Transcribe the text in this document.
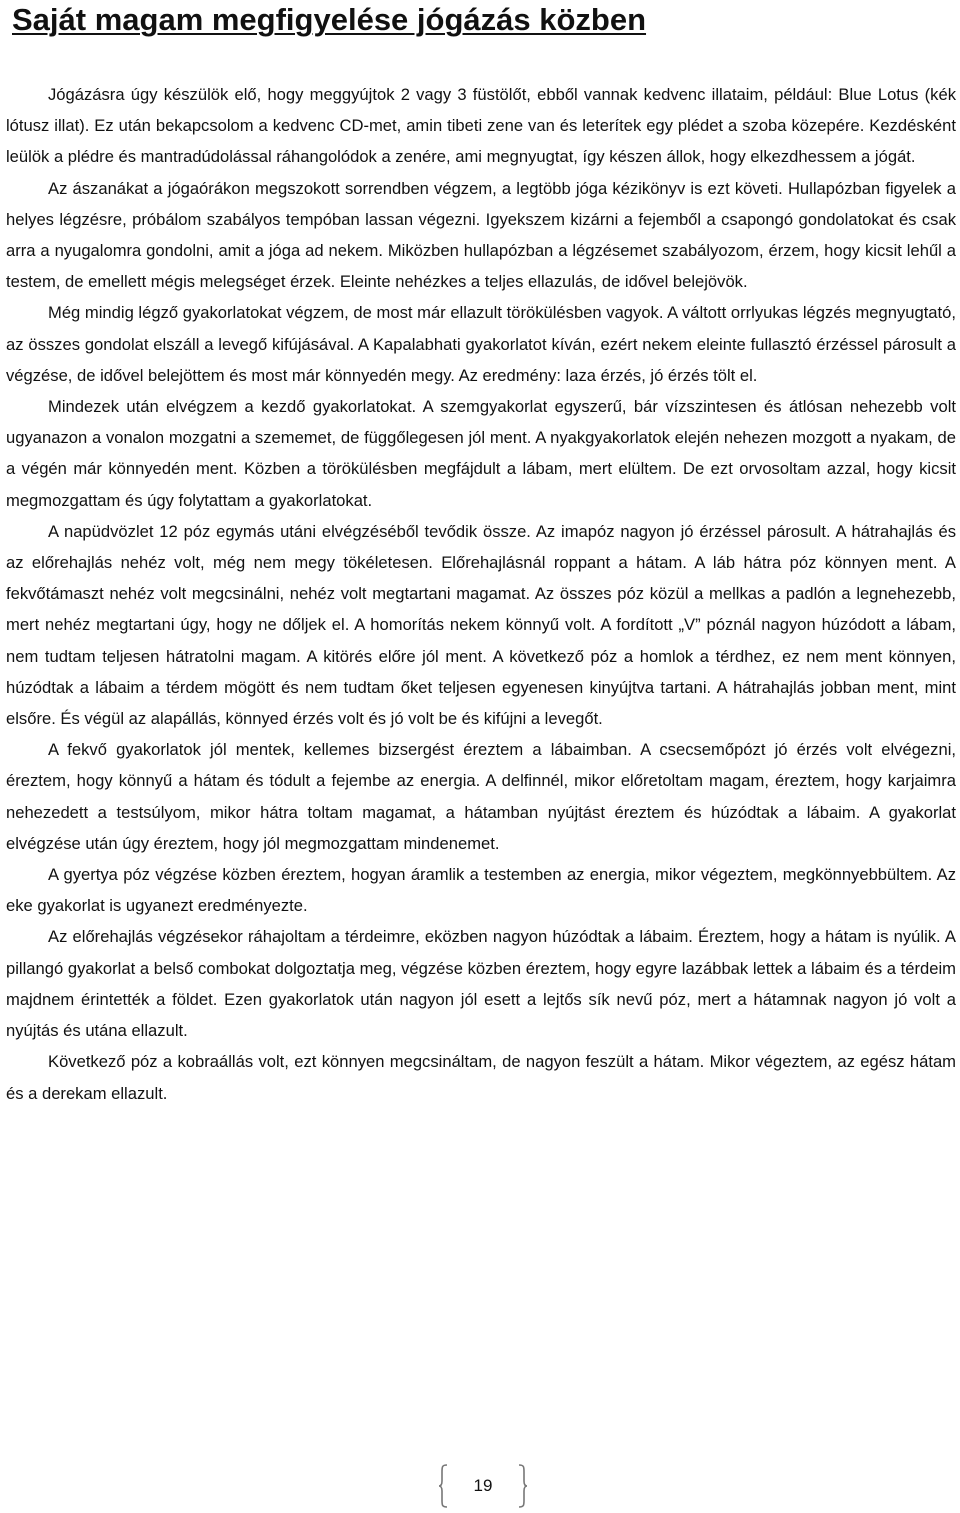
Saját magam megfigyelése jógázás közben

Jógázásra úgy készülök elő, hogy meggyújtok 2 vagy 3 füstölőt, ebből vannak kedvenc illataim, például: Blue Lotus (kék lótusz illat). Ez után bekapcsolom a kedvenc CD-met, amin tibeti zene van és leterítek egy plédet a szoba közepére. Kezdésként leülök a plédre és mantradúdolással ráhangolódok a zenére, ami megnyugtat, így készen állok, hogy elkezdhessem a jógát.

Az ászanákat a jógaórákon megszokott sorrendben végzem, a legtöbb jóga kézikönyv is ezt követi. Hullapózban figyelek a helyes légzésre, próbálom szabályos tempóban lassan végezni. Igyekszem kizárni a fejemből a csapongó gondolatokat és csak arra a nyugalomra gondolni, amit a jóga ad nekem. Miközben hullapózban a légzésemet szabályozom, érzem, hogy kicsit lehűl a testem, de emellett mégis melegséget érzek. Eleinte nehézkes a teljes ellazulás, de idővel belejövök.

Még mindig légző gyakorlatokat végzem, de most már ellazult törökülésben vagyok. A váltott orrlyukas légzés megnyugtató, az összes gondolat elszáll a levegő kifújásával. A Kapalabhati gyakorlatot kíván, ezért nekem eleinte fullasztó érzéssel párosult a végzése, de idővel belejöttem és most már könnyedén megy. Az eredmény: laza érzés, jó érzés tölt el.

Mindezek után elvégzem a kezdő gyakorlatokat. A szemgyakorlat egyszerű, bár vízszintesen és átlósan nehezebb volt ugyanazon a vonalon mozgatni a szememet, de függőlegesen jól ment. A nyakgyakorlatok elején nehezen mozgott a nyakam, de a végén már könnyedén ment. Közben a törökülésben megfájdult a lábam, mert elültem. De ezt orvosoltam azzal, hogy kicsit megmozgattam és úgy folytattam a gyakorlatokat.

A napüdvözlet 12 póz egymás utáni elvégzéséből tevődik össze. Az imapóz nagyon jó érzéssel párosult. A hátrahajlás és az előrehajlás nehéz volt, még nem megy tökéletesen. Előrehajlásnál roppant a hátam. A láb hátra póz könnyen ment. A fekvőtámaszt nehéz volt megcsinálni, nehéz volt megtartani magamat. Az összes póz közül a mellkas a padlón a legnehezebb, mert nehéz megtartani úgy, hogy ne dőljek el. A homorítás nekem könnyű volt. A fordított „V” póznál nagyon húzódott a lábam, nem tudtam teljesen hátratolni magam. A kitörés előre jól ment. A következő póz a homlok a térdhez, ez nem ment könnyen, húzódtak a lábaim a térdem mögött és nem tudtam őket teljesen egyenesen kinyújtva tartani. A hátrahajlás jobban ment, mint elsőre. És végül az alapállás, könnyed érzés volt és jó volt be és kifújni a levegőt.

A fekvő gyakorlatok jól mentek, kellemes bizsergést éreztem a lábaimban. A csecsemőpózt jó érzés volt elvégezni, éreztem, hogy könnyű a hátam és tódult a fejembe az energia. A delfinnél, mikor előretoltam magam, éreztem, hogy karjaimra nehezedett a testsúlyom, mikor hátra toltam magamat, a hátamban nyújtást éreztem és húzódtak a lábaim. A gyakorlat elvégzése után úgy éreztem, hogy jól megmozgattam mindenemet.

A gyertya póz végzése közben éreztem, hogyan áramlik a testemben az energia, mikor végeztem, megkönnyebbültem. Az eke gyakorlat is ugyanezt eredményezte.

Az előrehajlás végzésekor ráhajoltam a térdeimre, eközben nagyon húzódtak a lábaim. Éreztem, hogy a hátam is nyúlik. A pillangó gyakorlat a belső combokat dolgoztatja meg, végzése közben éreztem, hogy egyre lazábbak lettek a lábaim és a térdeim majdnem érintették a földet. Ezen gyakorlatok után nagyon jól esett a lejtős sík nevű póz, mert a hátamnak nagyon jó volt a nyújtás és utána ellazult.

Következő póz a kobraállás volt, ezt könnyen megcsináltam, de nagyon feszült a hátam. Mikor végeztem, az egész hátam és a derekam ellazult.

19
